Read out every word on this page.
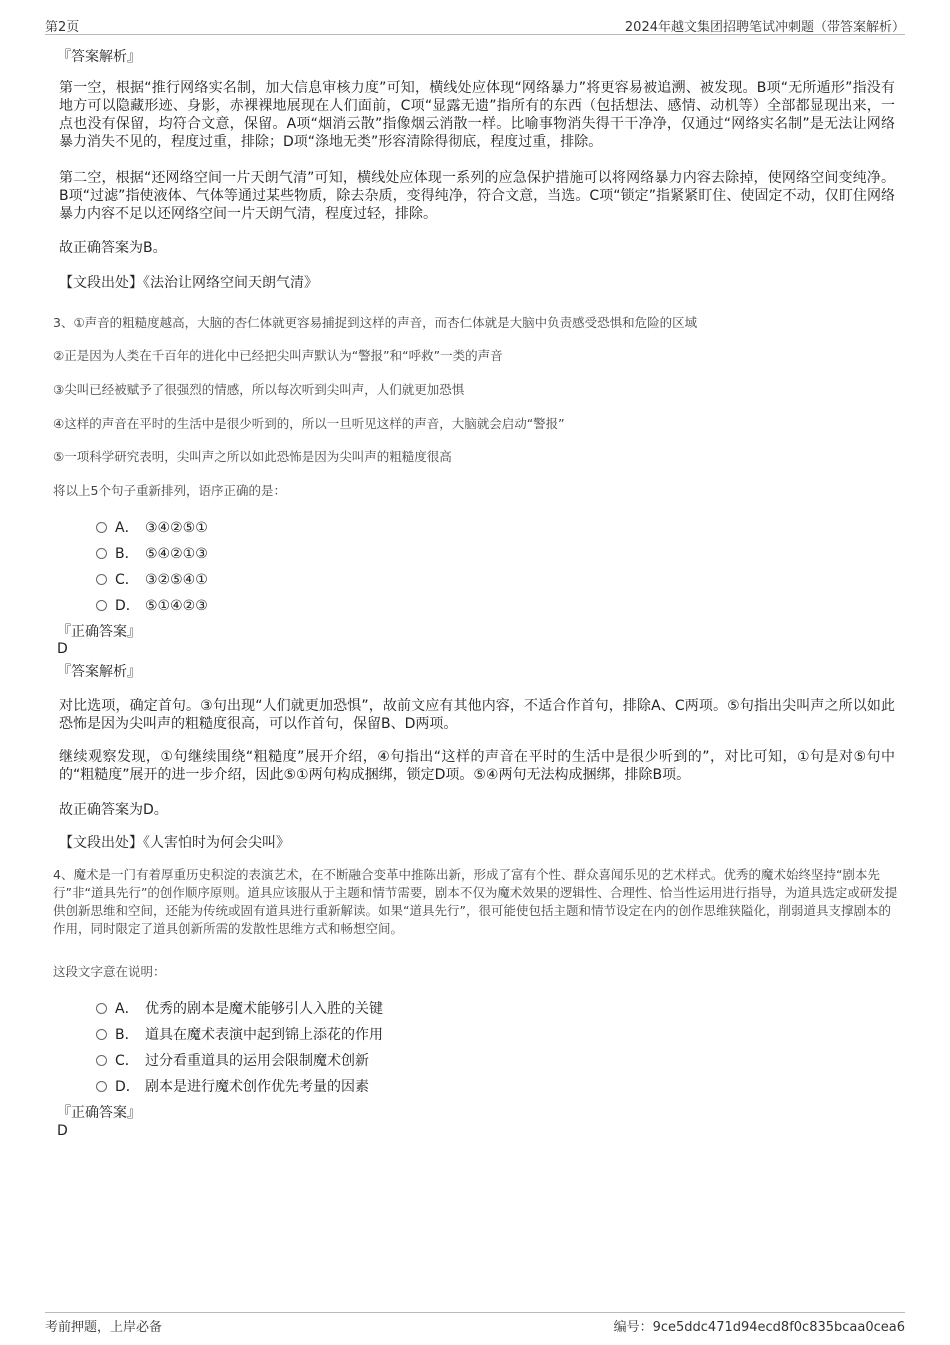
第2页	2024年越文集团招聘笔试冲刺题（带答案解析）
『答案解析』
第一空，根据“推行网络实名制，加大信息审核力度”可知，横线处应体现“网络暴力”将更容易被追溯、被发现。B项“无所遁形”指没有地方可以隐藏形迹、身影，赤裸裸地展现在人们面前，C项“显露无遗”指所有的东西（包括想法、感情、动机等）全部都显现出来，一点也没有保留，均符合文意，保留。A项“烟消云散”指像烟云消散一样。比喻事物消失得干干净净，仅通过“网络实名制”是无法让网络暴力消失不见的，程度过重，排除；D项“涤地无类”形容清除得彻底，程度过重，排除。
第二空，根据“还网络空间一片天朗气清”可知，横线处应体现一系列的应急保护措施可以将网络暴力内容去除掉，使网络空间变纯净。B项“过滤”指使液体、气体等通过某些物质，除去杂质，变得纯净，符合文意，当选。C项“锁定”指紧紧盯住、使固定不动，仅盯住网络暴力内容不足以还网络空间一片天朗气清，程度过轻，排除。
故正确答案为B。
【文段出处】《法治让网络空间天朗气清》
3、①声音的粗糙度越高，大脑的杏仁体就更容易捕捉到这样的声音，而杏仁体就是大脑中负责感受恐惧和危险的区域
②正是因为人类在千百年的进化中已经把尖叫声默认为“警报”和“呼救”一类的声音
③尖叫已经被赋予了很强烈的情感，所以每次听到尖叫声，人们就更加恐惧
④这样的声音在平时的生活中是很少听到的，所以一旦听见这样的声音，大脑就会启动“警报”
⑤一项科学研究表明，尖叫声之所以如此恐怖是因为尖叫声的粗糙度很高
将以上5个句子重新排列，语序正确的是：
A． ③④②⑤①
B． ⑤④②①③
C． ③②⑤④①
D． ⑤①④②③
『正确答案』
D
『答案解析』
对比选项，确定首句。③句出现“人们就更加恐惧”，故前文应有其他内容，不适合作首句，排除A、C两项。⑤句指出尖叫声之所以如此恐怖是因为尖叫声的粗糙度很高，可以作首句，保留B、D两项。
继续观察发现，①句继续围绕“粗糙度”展开介绍，④句指出“这样的声音在平时的生活中是很少听到的”，对比可知，①句是对⑤句中的“粗糙度”展开的进一步介绍，因此⑤①两句构成捆绑，锁定D项。⑤④两句无法构成捆绑，排除B项。
故正确答案为D。
【文段出处】《人害怕时为何会尖叫》
4、魔术是一门有着厚重历史积淀的表演艺术，在不断融合变革中推陈出新，形成了富有个性、群众喜闻乐见的艺术样式。优秀的魔术始终坚持“剧本先行”非“道具先行”的创作顺序原则。道具应该服从于主题和情节需要，剧本不仅为魔术效果的逻辑性、合理性、恰当性运用进行指导，为道具选定或研发提供创新思维和空间，还能为传统或固有道具进行重新解读。如果“道具先行”，很可能使包括主题和情节设定在内的创作思维狭隘化，削弱道具支撑剧本的作用，同时限定了道具创新所需的发散性思维方式和畅想空间。
这段文字意在说明：
A． 优秀的剧本是魔术能够引人入胜的关键
B． 道具在魔术表演中起到锦上添花的作用
C． 过分看重道具的运用会限制魔术创新
D． 剧本是进行魔术创作优先考量的因素
『正确答案』
D
考前押题，上岸必备	编号：9ce5ddc471d94ecd8f0c835bcaa0cea6
